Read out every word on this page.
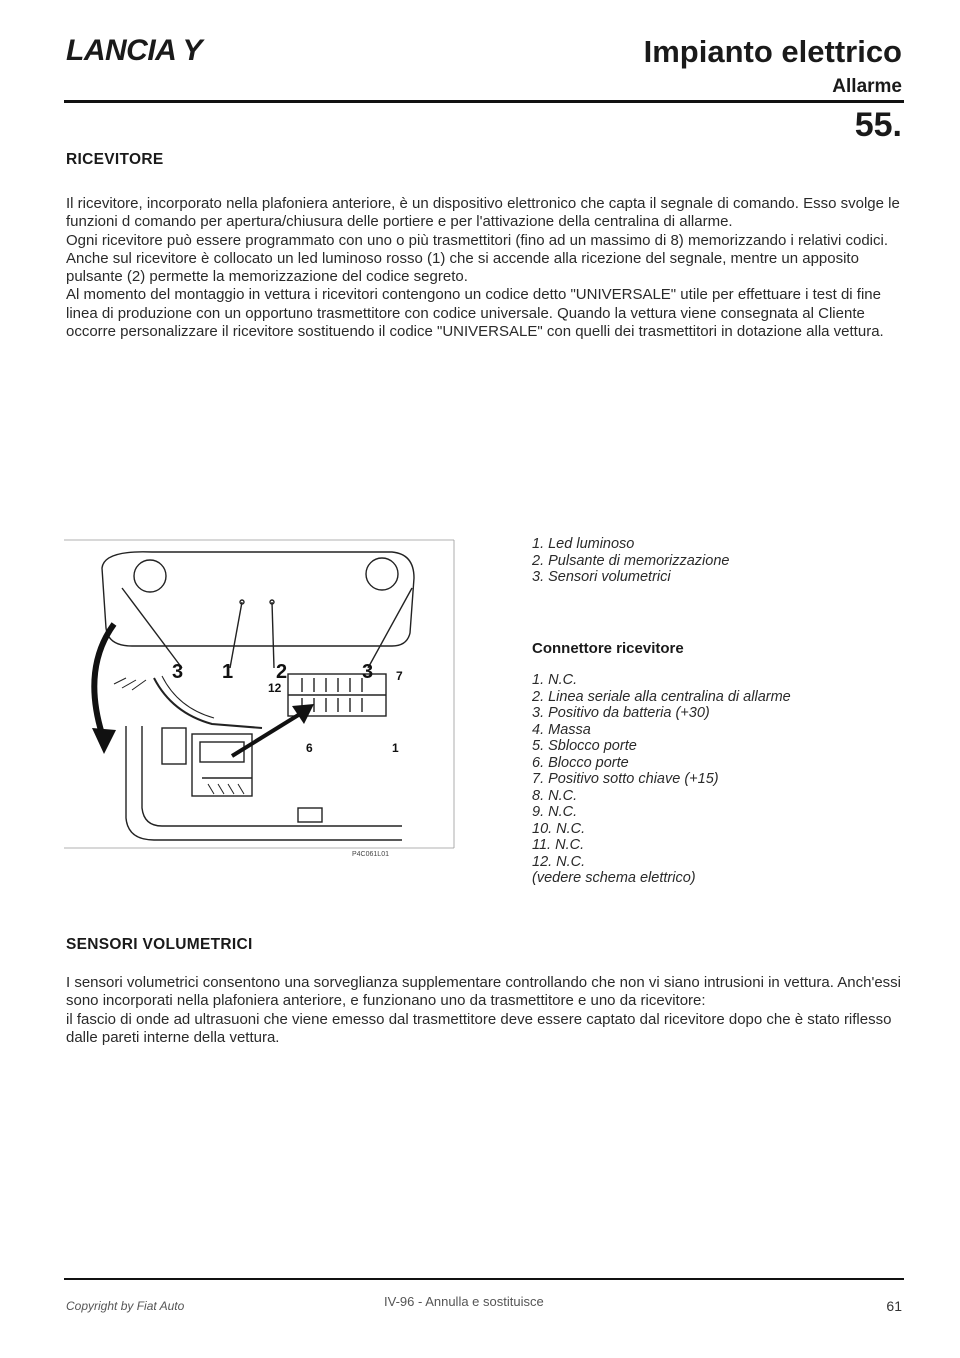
LANCIA Y	Impianto elettrico
Allarme
55.
RICEVITORE

Il ricevitore, incorporato nella plafoniera anteriore, è un dispositivo elettronico che capta il segnale di comando. Esso svolge le funzioni d comando per apertura/chiusura delle portiere e per l'attivazione della centralina di allarme.

Ogni ricevitore può essere programmato con uno o più trasmettitori (fino ad un massimo di 8) memorizzando i relativi codici.

Anche sul ricevitore è collocato un led luminoso rosso (1) che si accende alla ricezione del segnale, mentre un apposito pulsante (2) permette la memorizzazione del codice segreto.

Al momento del montaggio in vettura i ricevitori contengono un codice detto "UNIVERSALE" utile per effettuare i test di fine linea di produzione con un opportuno trasmettitore con codice universale. Quando la vettura viene consegnata al Cliente occorre personalizzare il ricevitore sostituendo il codice "UNIVERSALE" con quelli dei trasmettitori in dotazione alla vettura.

3 1 2	3
12
7
6	1
P4C061L01
1. Led luminoso
2. Pulsante di memorizzazione
3. Sensori volumetrici
Connettore ricevitore
1. N.C.
2. Linea seriale alla centralina di allarme
3. Positivo da batteria (+30)
4. Massa
5. Sblocco porte
6. Blocco porte
7. Positivo sotto chiave (+15)
8. N.C.
9. N.C.
10. N.C.
11. N.C.
12. N.C.
(vedere schema elettrico)
SENSORI VOLUMETRICI

I sensori volumetrici consentono una sorveglianza supplementare controllando che non vi siano intrusioni in vettura. Anch'essi sono incorporati nella plafoniera anteriore, e funzionano uno da trasmettitore e uno da ricevitore:

il fascio di onde ad ultrasuoni che viene emesso dal trasmettitore deve essere captato dal ricevitore dopo che è stato riflesso dalle pareti interne della vettura.

Copyright by Fiat Auto	IV-96 - Annulla e sostituisce	61
